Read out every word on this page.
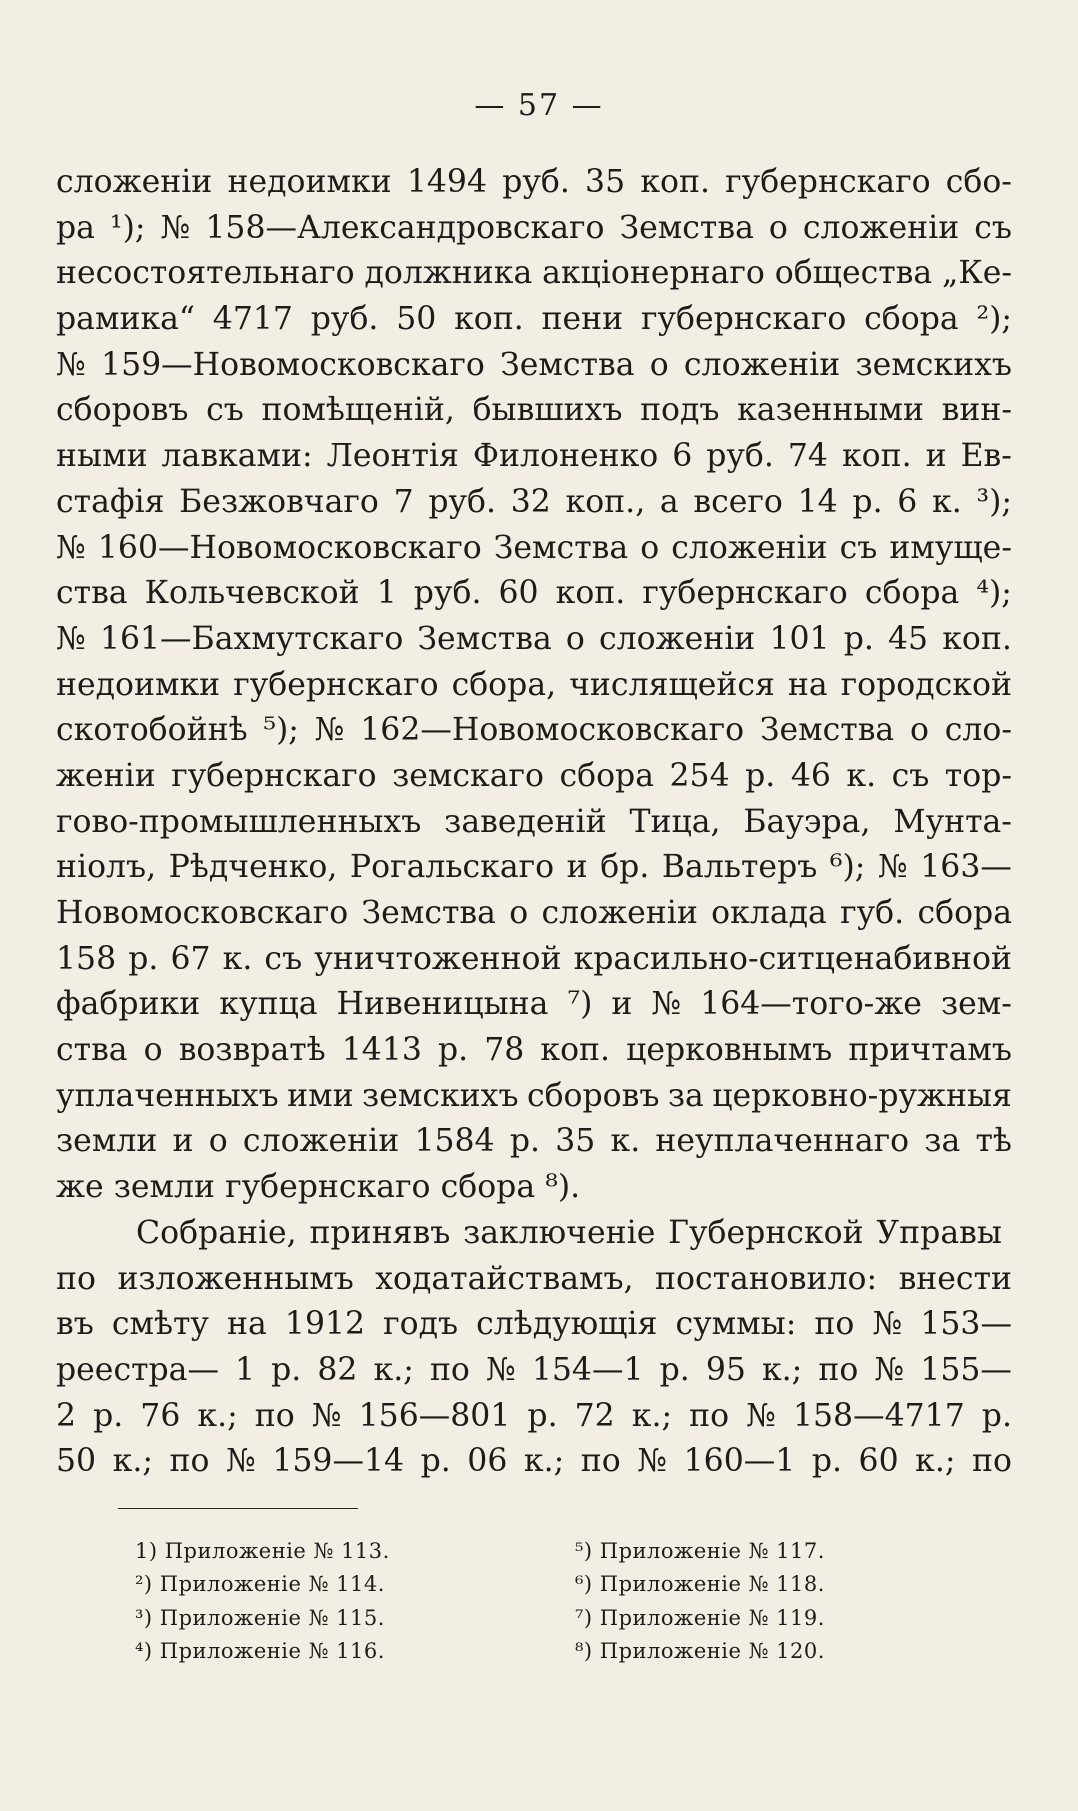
— 57 —
сложенiи недоимки 1494 руб. 35 коп. губернскаго сбо-
ра ¹); № 158—Александровскаго Земства о сложенiи съ
несостоятельнаго должника акцiонернаго общества „Ке-
рамика“ 4717 руб. 50 коп. пени губернскаго сбора ²);
№ 159—Новомосковскаго Земства о сложенiи земскихъ
сборовъ съ помѣщенiй, бывшихъ подъ казенными вин-
ными лавками: Леонтiя Филоненко 6 руб. 74 коп. и Ев-
стафiя Безжовчаго 7 руб. 32 коп., а всего 14 р. 6 к. ³);
№ 160—Новомосковскаго Земства о сложенiи съ имуще-
ства Кольчевской 1 руб. 60 коп. губернскаго сбора ⁴);
№ 161—Бахмутскаго Земства о сложенiи 101 р. 45 коп.
недоимки губернскаго сбора, числящейся на городской
скотобойнѣ ⁵); № 162—Новомосковскаго Земства о сло-
женiи губернскаго земскаго сбора 254 р. 46 к. съ тор-
гово-промышленныхъ заведенiй Тица, Бауэра, Мунта-
нiолъ, Рѣдченко, Рогальскаго и бр. Вальтеръ ⁶); № 163—
Новомосковскаго Земства о сложенiи оклада губ. сбора
158 р. 67 к. съ уничтоженной красильно-ситценабивной
фабрики купца Нивеницына ⁷) и № 164—того-же зем-
ства о возвратѣ 1413 р. 78 коп. церковнымъ причтамъ
уплаченныхъ ими земскихъ сборовъ за церковно-ружныя
земли и о сложенiи 1584 р. 35 к. неуплаченнаго за тѣ
же земли губернскаго сбора ⁸).
Собранiе, принявъ заключенiе Губернской Управы
по изложеннымъ ходатайствамъ, постановило: внести
въ смѣту на 1912 годъ слѣдующiя суммы: по № 153—
реестра— 1 р. 82 к.; по № 154—1 р. 95 к.; по № 155—
2 р. 76 к.; по № 156—801 р. 72 к.; по № 158—4717 р.
50 к.; по № 159—14 р. 06 к.; по № 160—1 р. 60 к.; по
1) Приложенiе № 113.
²) Приложенiе № 114.
³) Приложенiе № 115.
⁴) Приложенiе № 116.
⁵) Приложенiе № 117.
⁶) Приложенiе № 118.
⁷) Приложенiе № 119.
⁸) Приложенiе № 120.
